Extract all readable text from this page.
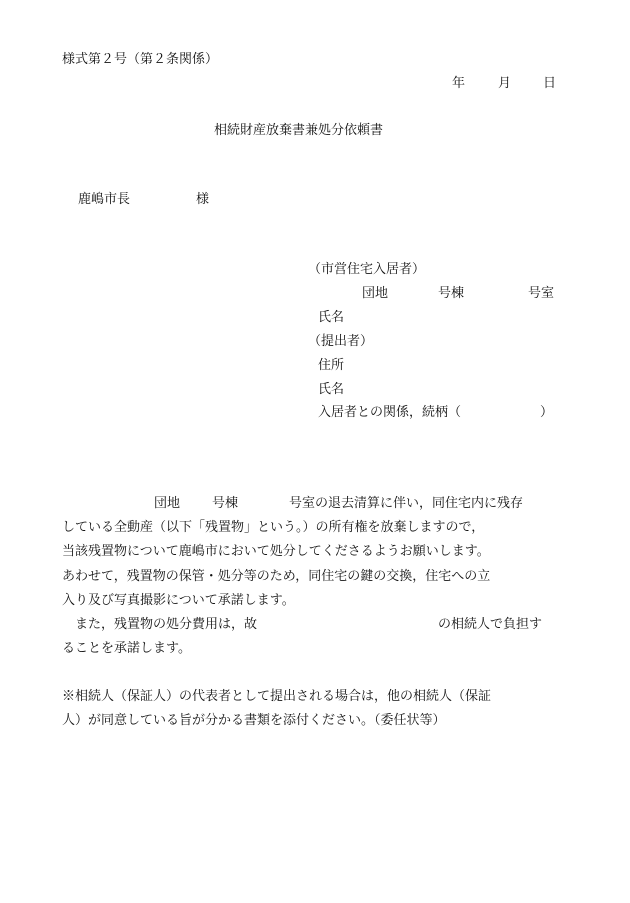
様式第２号（第２条関係）
年	月 日
相続財産放棄書兼処分依頼書
鹿嶋市長	様
（市営住宅入居者）
団地	号棟	号室
氏名
（提出者）
住所
氏名
入居者との関係，続柄（	）
団地 号棟	号室の退去清算に伴い，同住宅内に残存
している全動産（以下「残置物」という。）の所有権を放棄しますので，
当該残置物について鹿嶋市において処分してくださるようお願いします。
あわせて，残置物の保管・処分等のため，同住宅の鍵の交換，住宅への立
入り及び写真撮影について承諾します。
また，残置物の処分費用は，故	の相続人で負担す
ることを承諾します。
※相続人（保証人）の代表者として提出される場合は，他の相続人（保証
人）が同意している旨が分かる書類を添付ください。（委任状等）
